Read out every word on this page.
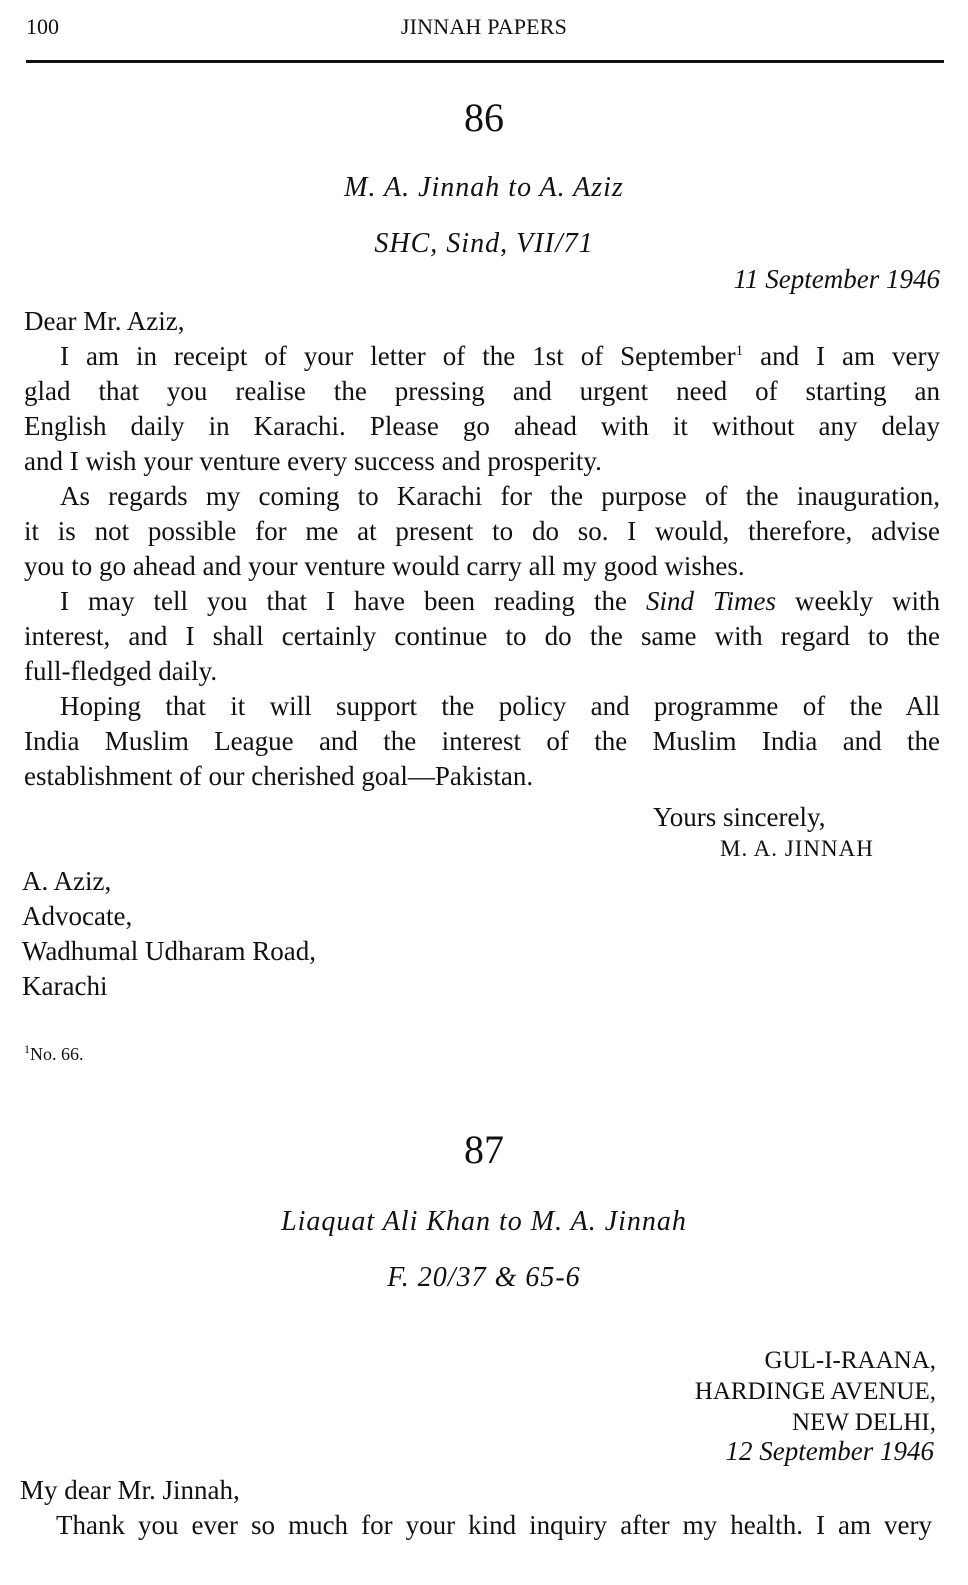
100	JINNAH PAPERS
86
M. A. Jinnah to A. Aziz
SHC, Sind, VII/71
11 September 1946
Dear Mr. Aziz,
I am in receipt of your letter of the 1st of September$^1$ and I am very
glad that you realise the pressing and urgent need of starting an
English daily in Karachi. Please go ahead with it without any delay
and I wish your venture every success and prosperity.
As regards my coming to Karachi for the purpose of the inauguration,
it is not possible for me at present to do so. I would, therefore, advise
you to go ahead and your venture would carry all my good wishes.
I may tell you that I have been reading the Sind Times weekly with
interest, and I shall certainly continue to do the same with regard to the
full-fledged daily.
Hoping that it will support the policy and programme of the All
India Muslim League and the interest of the Muslim India and the
establishment of our cherished goal—Pakistan.
Yours sincerely,
M. A. JINNAH
A. Aziz,
Advocate,
Wadhumal Udharam Road,
Karachi
$^1$No. 66.
87
Liaquat Ali Khan to M. A. Jinnah
F. 20/37 & 65-6
GUL-I-RAANA,
HARDINGE AVENUE,
NEW DELHI,
12 September 1946
My dear Mr. Jinnah,
Thank you ever so much for your kind inquiry after my health. I am very
